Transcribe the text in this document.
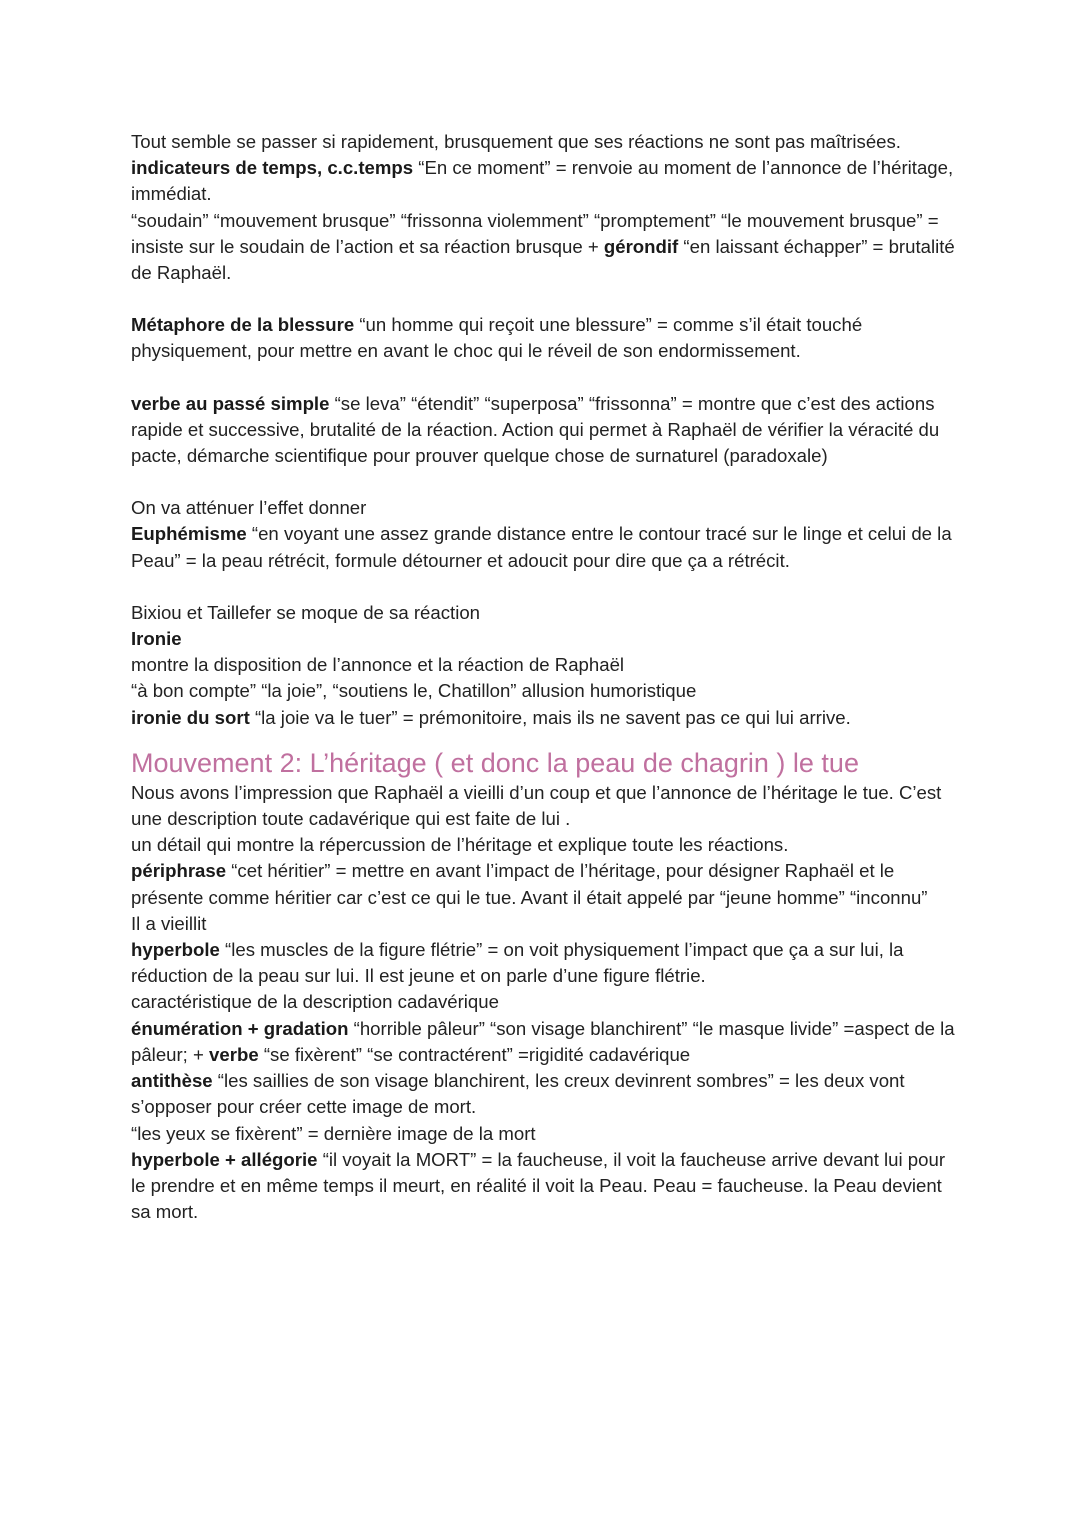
Tout semble se passer si rapidement, brusquement que ses réactions ne sont pas maîtrisées.

indicateurs de temps, c.c.temps “En ce moment” = renvoie au moment de l’annonce de l’héritage, immédiat.

“soudain” “mouvement brusque” “frissonna violemment” “promptement” “le mouvement brusque” = insiste sur le soudain de l’action et sa réaction brusque + gérondif “en laissant échapper” = brutalité de Raphaël.

Métaphore de la blessure “un homme qui reçoit une blessure” = comme s’il était touché physiquement, pour mettre en avant le choc qui le réveil de son endormissement.

verbe au passé simple “se leva” “étendit” “superposa” “frissonna” = montre que c’est des actions rapide et successive, brutalité de la réaction. Action qui permet à Raphaël de vérifier la véracité du pacte, démarche scientifique pour prouver quelque chose de surnaturel (paradoxale)

On va atténuer l’effet donner

Euphémisme “en voyant une assez grande distance entre le contour tracé sur le linge et celui de la Peau” = la peau rétrécit, formule détourner et adoucit pour dire que ça a rétrécit.

Bixiou et Taillefer se moque de sa réaction

Ironie

montre la disposition de l’annonce et la réaction de Raphaël

“à bon compte” “la joie”, “soutiens le, Chatillon” allusion humoristique

ironie du sort “la joie va le tuer” = prémonitoire, mais ils ne savent pas ce qui lui arrive.

Mouvement 2: L’héritage ( et donc la peau de chagrin ) le tue

Nous avons l’impression que Raphaël a vieilli d’un coup et que l’annonce de l’héritage le tue. C’est une description toute cadavérique qui est faite de lui .

un détail qui montre la répercussion de l’héritage et explique toute les réactions.

périphrase “cet héritier” = mettre en avant l’impact de l’héritage, pour désigner Raphaël et le présente comme héritier car c’est ce qui le tue. Avant il était appelé par “jeune homme” “inconnu”

Il a vieillit

hyperbole “les muscles de la figure flétrie” = on voit physiquement l’impact que ça a sur lui, la réduction de la peau sur lui. Il est jeune et on parle d’une figure flétrie.

caractéristique de la description cadavérique

énumération + gradation “horrible pâleur” “son visage blanchirent” “le masque livide” =aspect de la pâleur; + verbe “se fixèrent” “se contractérent” =rigidité cadavérique

antithèse “les saillies de son visage blanchirent, les creux devinrent sombres” = les deux vont s’opposer pour créer cette image de mort.

“les yeux se fixèrent” = dernière image de la mort

hyperbole + allégorie “il voyait la MORT” = la faucheuse, il voit la faucheuse arrive devant lui pour le prendre et en même temps il meurt, en réalité il voit la Peau. Peau = faucheuse. la Peau devient sa mort.
